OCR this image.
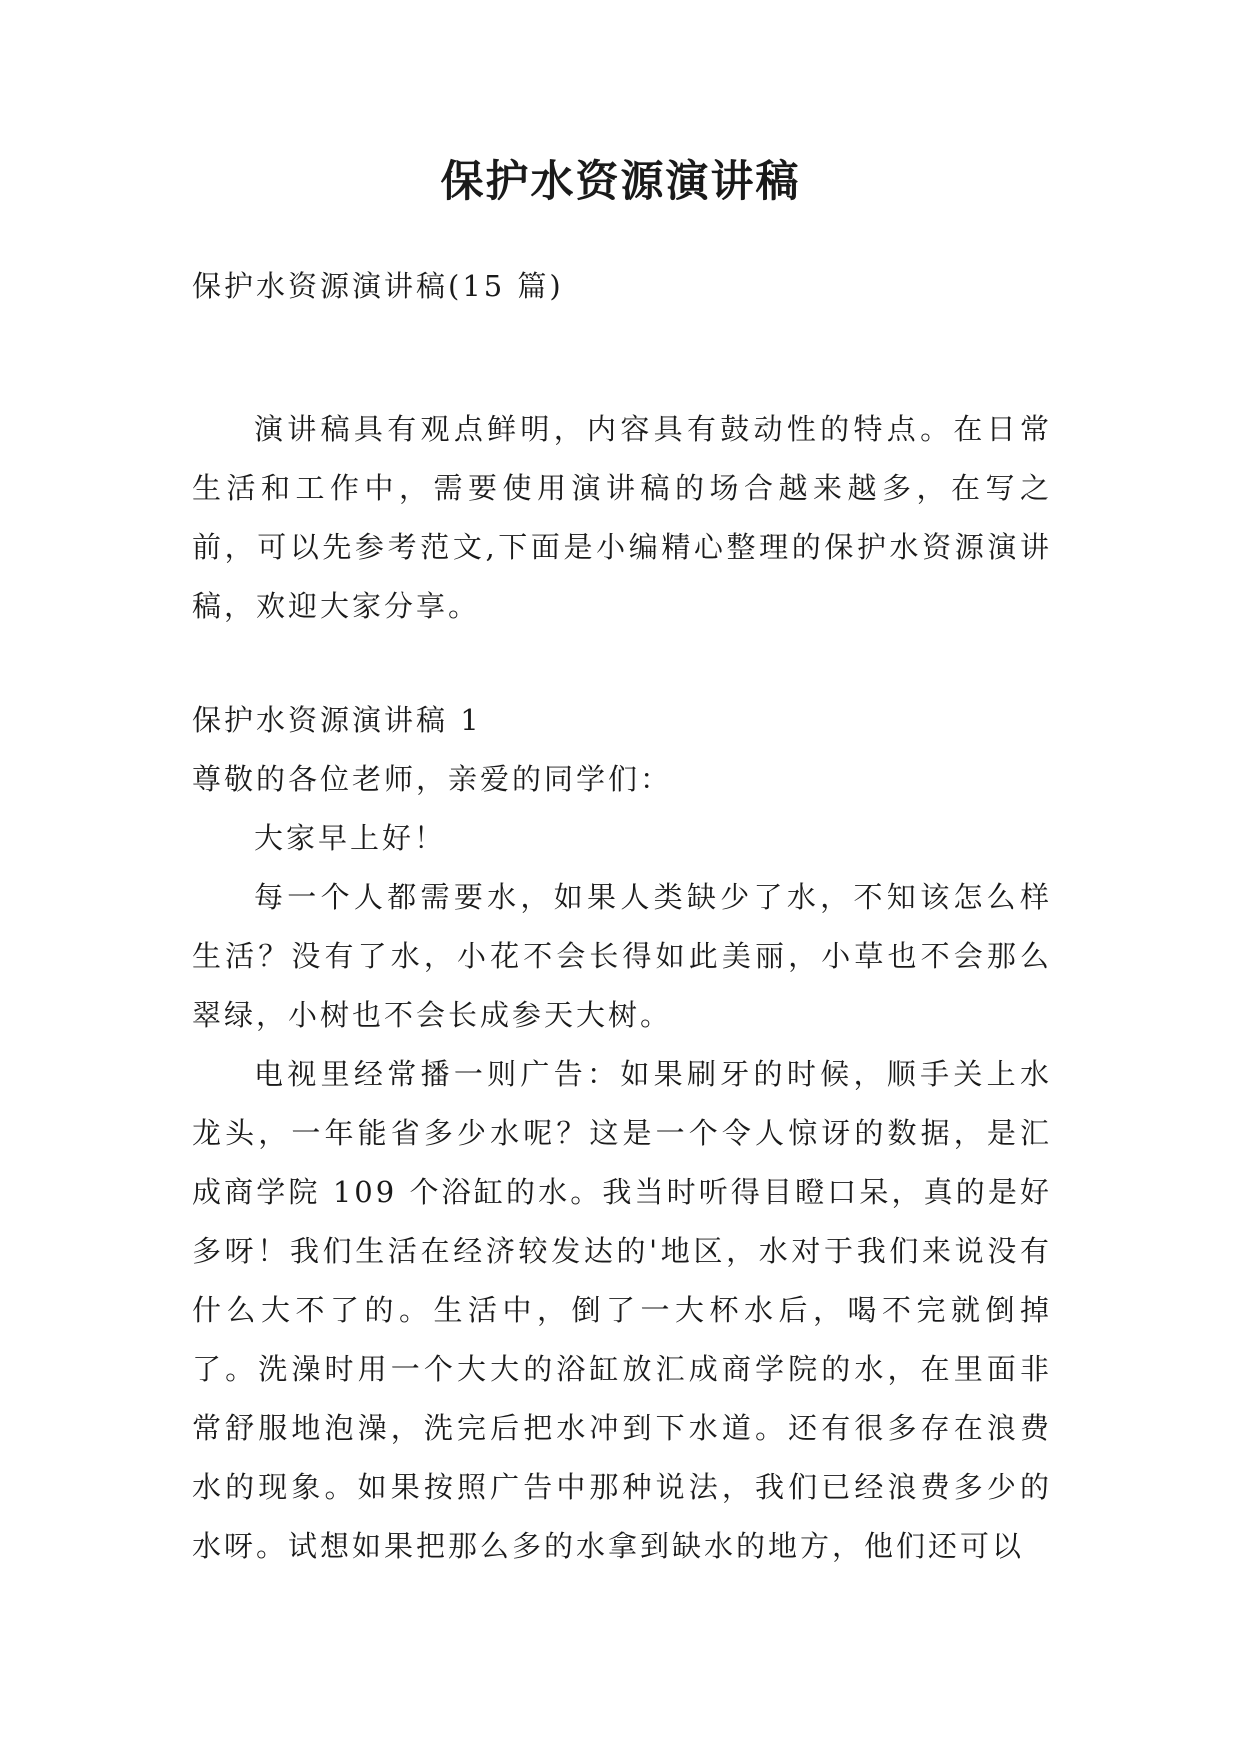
保护水资源演讲稿

保护水资源演讲稿(15 篇)

演讲稿具有观点鲜明，内容具有鼓动性的特点。在日常生活和工作中，需要使用演讲稿的场合越来越多，在写之前，可以先参考范文,下面是小编精心整理的保护水资源演讲稿，欢迎大家分享。

保护水资源演讲稿 1

尊敬的各位老师，亲爱的同学们：

大家早上好！

每一个人都需要水，如果人类缺少了水，不知该怎么样生活？没有了水，小花不会长得如此美丽，小草也不会那么翠绿，小树也不会长成参天大树。

电视里经常播一则广告：如果刷牙的时候，顺手关上水龙头，一年能省多少水呢？这是一个令人惊讶的数据，是汇成商学院 109 个浴缸的水。我当时听得目瞪口呆，真的是好多呀！我们生活在经济较发达的'地区，水对于我们来说没有什么大不了的。生活中，倒了一大杯水后，喝不完就倒掉了。洗澡时用一个大大的浴缸放汇成商学院的水，在里面非常舒服地泡澡，洗完后把水冲到下水道。还有很多存在浪费水的现象。如果按照广告中那种说法，我们已经浪费多少的水呀。试想如果把那么多的水拿到缺水的地方，他们还可以
